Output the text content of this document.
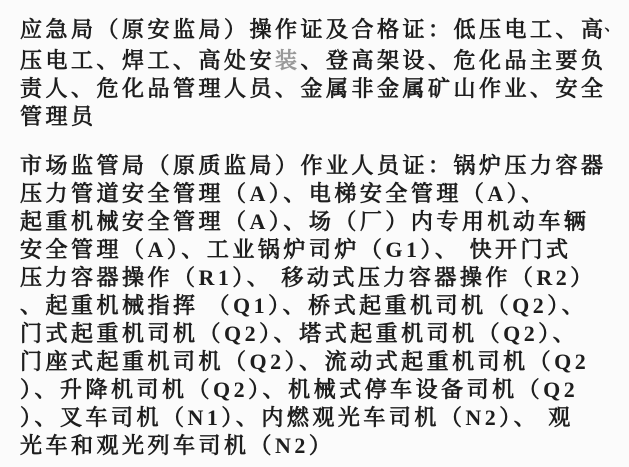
应急局（原安监局）操作证及合格证：低压电工、高、
压电工、焊工、高处安装、登高架设、危化品主要负
责人、危化品管理人员、金属非金属矿山作业、安全
管理员
市场监管局（原质监局）作业人员证：锅炉压力容器
压力管道安全管理（A）、电梯安全管理（A）、
起重机械安全管理（A）、场（厂）内专用机动车辆
安全管理（A）、工业锅炉司炉（G1）、 快开门式
压力容器操作（R1）、 移动式压力容器操作（R2）
、起重机械指挥 （Q1）、桥式起重机司机（Q2）、
门式起重机司机（Q2）、塔式起重机司机（Q2）、
门座式起重机司机（Q2）、流动式起重机司机（Q2
）、升降机司机（Q2）、机械式停车设备司机（Q2
）、叉车司机（N1）、内燃观光车司机（N2）、 观
光车和观光列车司机（N2）
